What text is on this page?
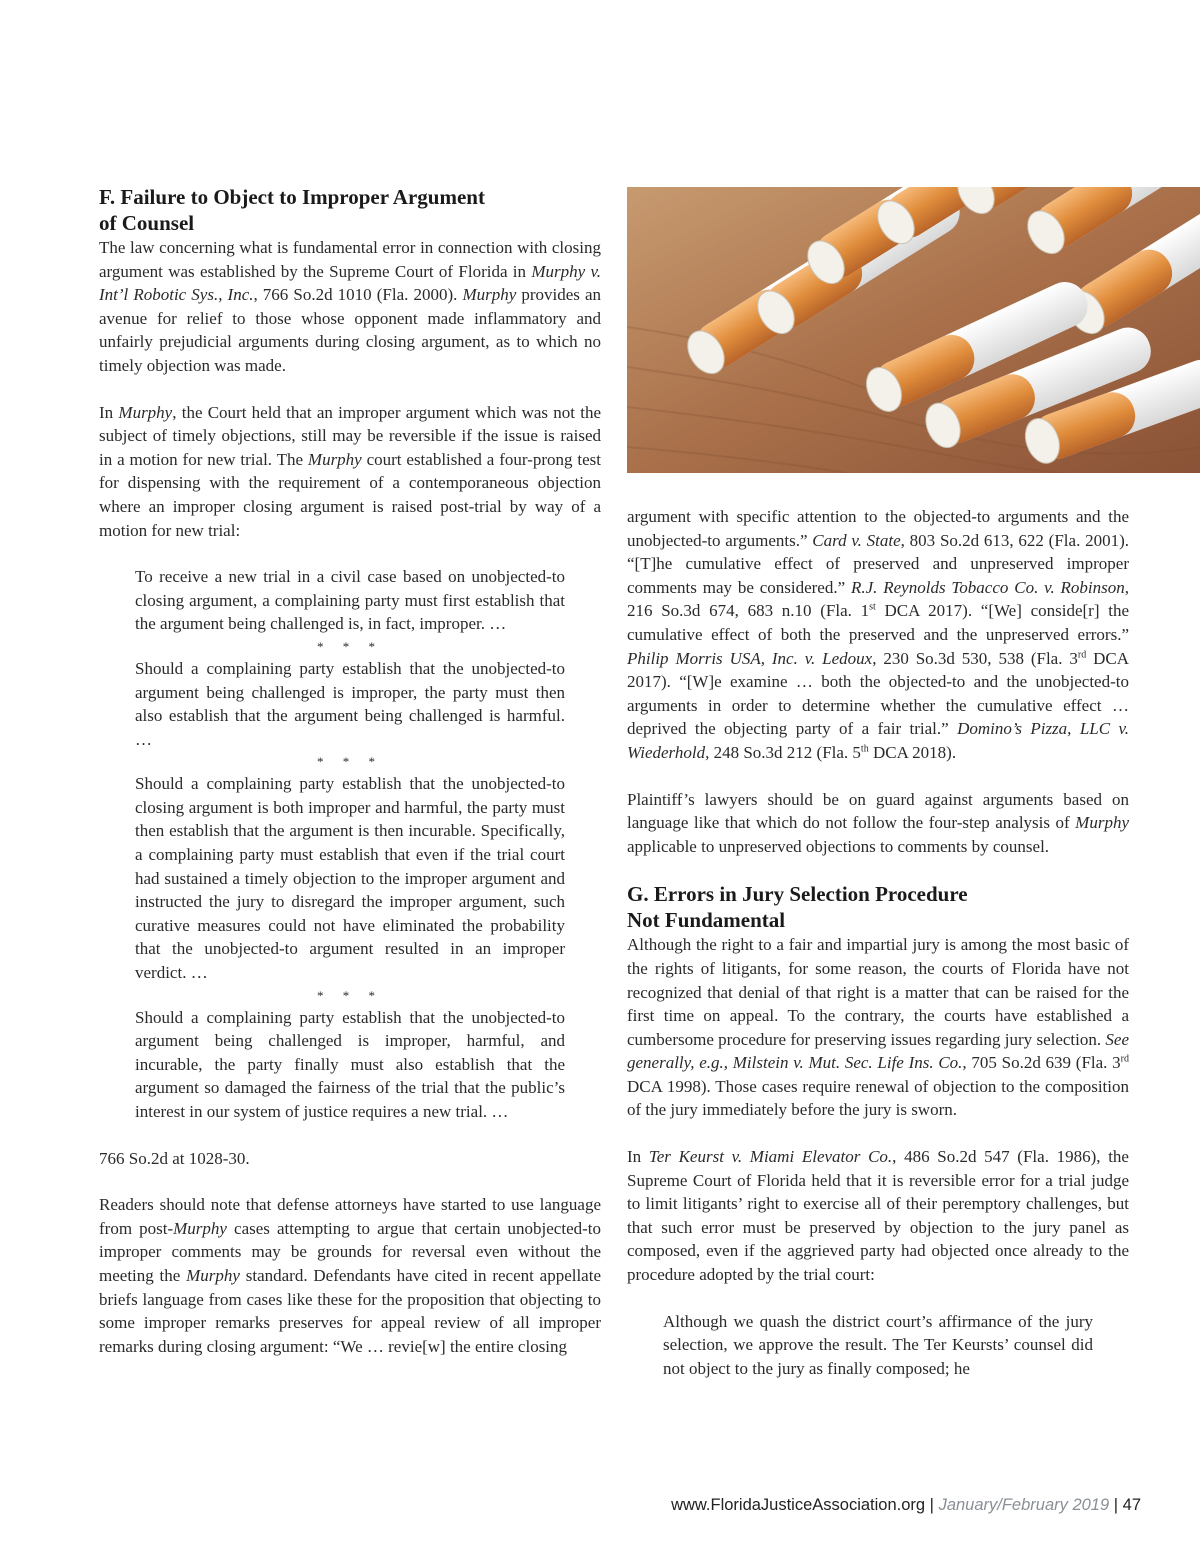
F. Failure to Object to Improper Argument
of Counsel

The law concerning what is fundamental error in connection with closing argument was established by the Supreme Court of Florida in Murphy v. Int’l Robotic Sys., Inc., 766 So.2d 1010 (Fla. 2000). Murphy provides an avenue for relief to those whose opponent made inflammatory and unfairly prejudicial arguments during closing argument, as to which no timely objection was made.

In Murphy, the Court held that an improper argument which was not the subject of timely objections, still may be reversible if the issue is raised in a motion for new trial. The Murphy court established a four-prong test for dispensing with the requirement of a contemporaneous objection where an improper closing argument is raised post-trial by way of a motion for new trial:

To receive a new trial in a civil case based on unobjected-to closing argument, a complaining party must first establish that the argument being challenged is, in fact, improper. …

* * *

Should a complaining party establish that the unobjected-to argument being challenged is improper, the party must then also establish that the argument being challenged is harmful. …

* * *

Should a complaining party establish that the unobjected-to closing argument is both improper and harmful, the party must then establish that the argument is then incurable. Specifically, a complaining party must establish that even if the trial court had sustained a timely objection to the improper argument and instructed the jury to disregard the improper argument, such curative measures could not have eliminated the probability that the unobjected-to argument resulted in an improper verdict. …

* * *

Should a complaining party establish that the unobjected-to argument being challenged is improper, harmful, and incurable, the party finally must also establish that the argument so damaged the fairness of the trial that the public’s interest in our system of justice requires a new trial. …

766 So.2d at 1028-30.

Readers should note that defense attorneys have started to use language from post-Murphy cases attempting to argue that certain unobjected-to improper comments may be grounds for reversal even without the meeting the Murphy standard. Defendants have cited in recent appellate briefs language from cases like these for the proposition that objecting to some improper remarks preserves for appeal review of all improper remarks during closing argument: “We … revie[w] the entire closing

argument with specific attention to the objected-to arguments and the unobjected-to arguments.” Card v. State, 803 So.2d 613, 622 (Fla. 2001). “[T]he cumulative effect of preserved and unpreserved improper comments may be considered.” R.J. Reynolds Tobacco Co. v. Robinson, 216 So.3d 674, 683 n.10 (Fla. 1st DCA 2017). “[We] conside[r] the cumulative effect of both the preserved and the unpreserved errors.” Philip Morris USA, Inc. v. Ledoux, 230 So.3d 530, 538 (Fla. 3rd DCA 2017). “[W]e examine … both the objected-to and the unobjected-to arguments in order to determine whether the cumulative effect … deprived the objecting party of a fair trial.” Domino’s Pizza, LLC v. Wiederhold, 248 So.3d 212 (Fla. 5th DCA 2018).

Plaintiff’s lawyers should be on guard against arguments based on language like that which do not follow the four-step analysis of Murphy applicable to unpreserved objections to comments by counsel.

G. Errors in Jury Selection Procedure
Not Fundamental

Although the right to a fair and impartial jury is among the most basic of the rights of litigants, for some reason, the courts of Florida have not recognized that denial of that right is a matter that can be raised for the first time on appeal. To the contrary, the courts have established a cumbersome procedure for preserving issues regarding jury selection. See generally, e.g., Milstein v. Mut. Sec. Life Ins. Co., 705 So.2d 639 (Fla. 3rd DCA 1998). Those cases require renewal of objection to the composition of the jury immediately before the jury is sworn.

In Ter Keurst v. Miami Elevator Co., 486 So.2d 547 (Fla. 1986), the Supreme Court of Florida held that it is reversible error for a trial judge to limit litigants’ right to exercise all of their peremptory challenges, but that such error must be preserved by objection to the jury panel as composed, even if the aggrieved party had objected once already to the procedure adopted by the trial court:

Although we quash the district court’s affirmance of the jury selection, we approve the result. The Ter Keursts’ counsel did not object to the jury as finally composed; he

www.FloridaJusticeAssociation.org | January/February 2019 | 47
